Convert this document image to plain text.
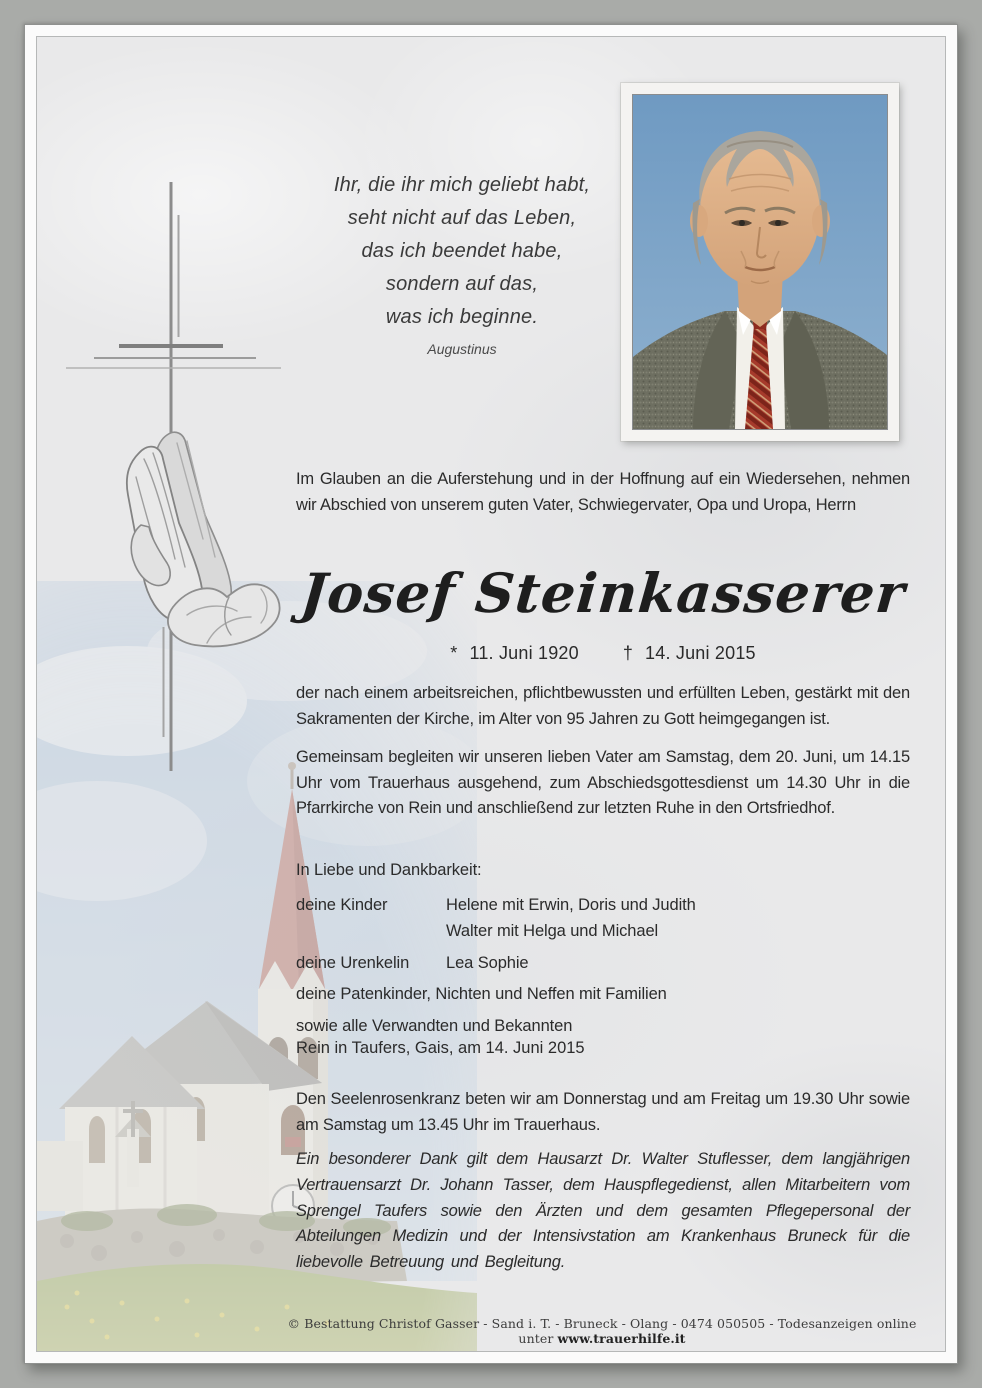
Ihr, die ihr mich geliebt habt,
seht nicht auf das Leben,
das ich beendet habe,
sondern auf das,
was ich beginne.
Augustinus
Im Glauben an die Auferstehung und in der Hoffnung auf ein Wiedersehen, nehmen wir Abschied von unserem guten Vater, Schwiegervater, Opa und Uropa, Herrn
Josef Steinkasserer
* 11. Juni 1920 † 14. Juni 2015
der nach einem arbeitsreichen, pflichtbewussten und erfüllten Leben, gestärkt mit den Sakramenten der Kirche, im Alter von 95 Jahren zu Gott heimgegangen ist.
Gemeinsam begleiten wir unseren lieben Vater am Samstag, dem 20. Juni, um 14.15 Uhr vom Trauerhaus ausgehend, zum Abschiedsgottesdienst um 14.30 Uhr in die Pfarrkirche von Rein und anschließend zur letzten Ruhe in den Ortsfriedhof.
In Liebe und Dankbarkeit:
deine Kinder	Helene mit Erwin, Doris und Judith
Walter mit Helga und Michael
deine Urenkelin	Lea Sophie
deine Patenkinder, Nichten und Neffen mit Familien
sowie alle Verwandten und Bekannten
Rein in Taufers, Gais, am 14. Juni 2015
Den Seelenrosenkranz beten wir am Donnerstag und am Freitag um 19.30 Uhr sowie am Samstag um 13.45 Uhr im Trauerhaus.
Ein besonderer Dank gilt dem Hausarzt Dr. Walter Stuflesser, dem langjährigen Vertrauensarzt Dr. Johann Tasser, dem Hauspflegedienst, allen Mitarbeitern vom Sprengel Taufers sowie den Ärzten und dem gesamten Pflegepersonal der Abteilungen Medizin und der Intensivstation am Krankenhaus Bruneck für die liebevolle Betreuung und Begleitung.
© Bestattung Christof Gasser - Sand i. T. - Bruneck - Olang - 0474 050505 - Todesanzeigen online unter www.trauerhilfe.it
